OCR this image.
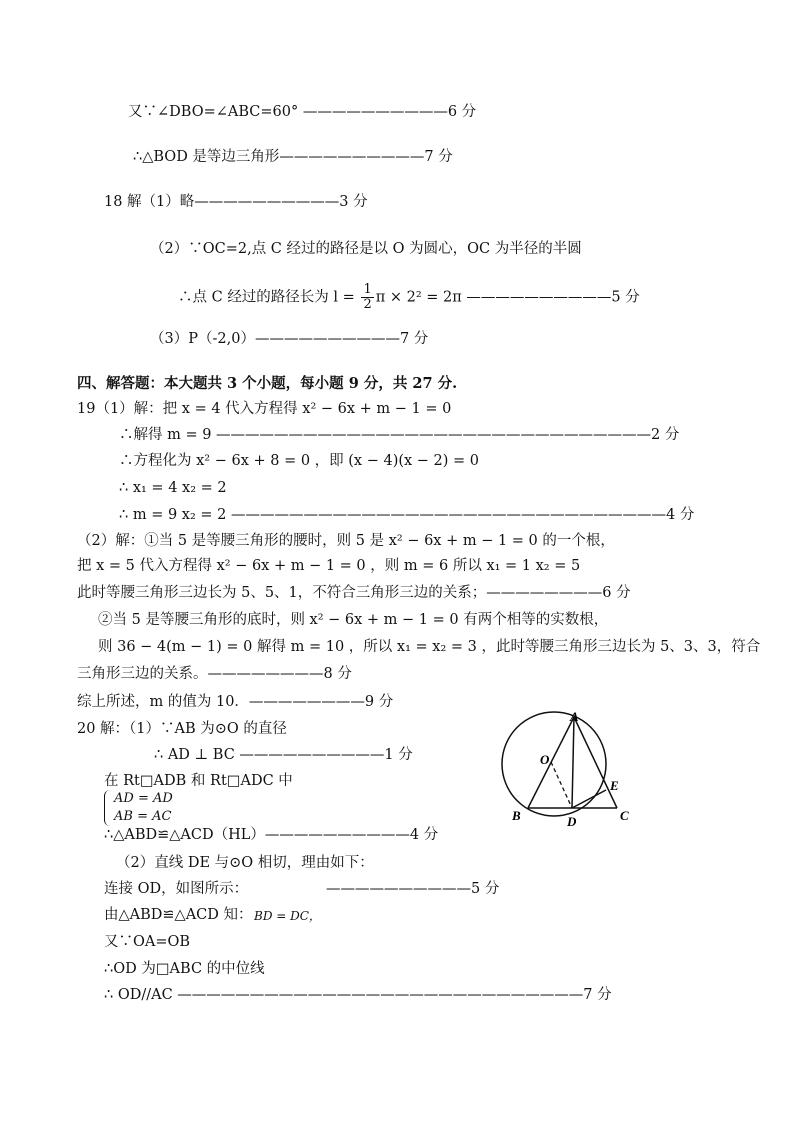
又∵∠DBO=∠ABC=60° ——————————6 分
∴△BOD 是等边三角形——————————7 分
18 解（1）略——————————3 分
（2）∵OC=2,点 C 经过的路径是以 O 为圆心，OC 为半径的半圆
∴点 C 经过的路径长为 $l = \frac{1}{2}$ π × 2² = 2π ——————————5 分
（3）P（-2,0）——————————7 分
四、解答题：本大题共 3 个小题，每小题 9 分，共 27 分.
19（1）解：把 x = 4 代入方程得 x² − 6x + m − 1 = 0
∴解得 m = 9 ——————————————————————————————2 分
∴方程化为 x² − 6x + 8 = 0 ，即 (x − 4)(x − 2) = 0
∴ x₁ = 4 x₂ = 2
∴ m = 9 x₂ = 2 ——————————————————————————————4 分
（2）解：①当 5 是等腰三角形的腰时，则 5 是 x² − 6x + m − 1 = 0 的一个根，
把 x = 5 代入方程得 x² − 6x + m − 1 = 0 ，则 m = 6 所以 x₁ = 1 x₂ = 5
此时等腰三角形三边长为 5、5、1，不符合三角形三边的关系；————————6 分
②当 5 是等腰三角形的底时，则 x² − 6x + m − 1 = 0 有两个相等的实数根，
则 36 − 4(m − 1) = 0 解得 m = 10 ，所以 x₁ = x₂ = 3 ，此时等腰三角形三边长为 5、3、3，符合
三角形三边的关系。————————8 分
综上所述，m 的值为 10．————————9 分
20 解：（1）∵AB 为⊙O 的直径
∴ AD ⊥ BC ——————————1 分
在 Rt□ADB 和 Rt□ADC 中
AD = AD
AB = AC
∴△ABD≌△ACD（HL）——————————4 分
（2）直线 DE 与⊙O 相切，理由如下：
连接 OD，如图所示：	——————————5 分
由△ABD≌△ACD 知： BD = DC，
又∵OA=OB
∴OD 为□ABC 的中位线
∴ OD//AC ————————————————————————————7 分
A
O
E
B	D	C
